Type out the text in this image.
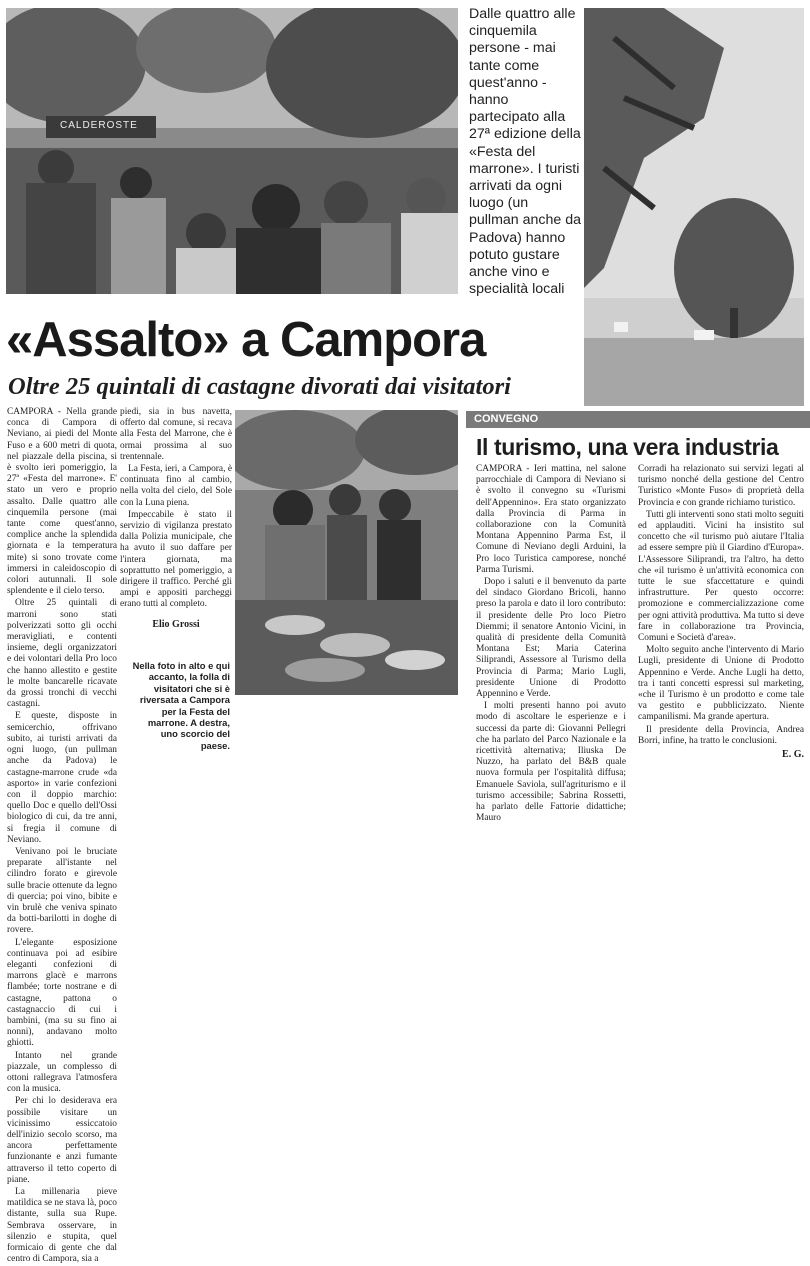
CALDEROSTE
Dalle quattro alle cinquemila persone - mai tante come quest'anno - hanno partecipato alla 27ª edizione della «Festa del marrone». I turisti arrivati da ogni luogo (un pullman anche da Padova) hanno potuto gustare anche vino e specialità locali
«Assalto» a Campora
Oltre 25 quintali di castagne divorati dai visitatori

CAMPORA - Nella grande conca di Campora di Neviano, ai piedi del Monte Fuso e a 600 metri di quota, nel piazzale della piscina, si è svolto ieri pomeriggio, la 27ª «Festa del marrone». E' stato un vero e proprio assalto. Dalle quattro alle cinquemila persone (mai tante come quest'anno, complice anche la splendida giornata e la temperatura mite) si sono trovate come immersi in caleidoscopio di colori autunnali. Il sole splendente e il cielo terso.

Oltre 25 quintali di marroni sono stati polverizzati sotto gli occhi meravigliati, e contenti insieme, degli organizzatori e dei volontari della Pro loco che hanno allestito e gestite le molte bancarelle ricavate da grossi tronchi di vecchi castagni.

E queste, disposte in semicerchio, offrivano subito, ai turisti arrivati da ogni luogo, (un pullman anche da Padova) le castagne-marrone crude «da asporto» in varie confezioni con il doppio marchio: quello Doc e quello dell'Ossi biologico di cui, da tre anni, si fregia il comune di Neviano.

Venivano poi le bruciate preparate all'istante nel cilindro forato e girevole sulle bracie ottenute da legno di quercia; poi vino, bibite e vin brulè che veniva spinato da botti-barilotti in doghe di rovere.

L'elegante esposizione continuava poi ad esibire eleganti confezioni di marrons glacè e marrons flambée; torte nostrane e di castagne, pattona o castagnaccio di cui i bambini, (ma su su fino ai nonni), andavano molto ghiotti.

Intanto nel grande piazzale, un complesso di ottoni rallegrava l'atmosfera con la musica.

Per chi lo desiderava era possibile visitare un vicinissimo essiccatoio dell'inizio secolo scorso, ma ancora perfettamente funzionante e anzi fumante attraverso il tetto coperto di piane.

La millenaria pieve matildica se ne stava là, poco distante, sulla sua Rupe. Sembrava osservare, in silenzio e stupita, quel formicaio di gente che dal centro di Campora, sia a

piedi, sia in bus navetta, offerto dal comune, si recava alla Festa del Marrone, che è ormai prossima al suo trentennale.

La Festa, ieri, a Campora, è continuata fino al cambio, nella volta del cielo, del Sole con la Luna piena.

Impeccabile è stato il servizio di vigilanza prestato dalla Polizia municipale, che ha avuto il suo daffare per l'intera giornata, ma soprattutto nel pomeriggio, a dirigere il traffico. Perché gli ampi e appositi parcheggi erano tutti al completo.

Elio Grossi
Nella foto in alto e qui accanto, la folla di visitatori che si è riversata a Campora per la Festa del marrone. A destra, uno scorcio del paese.
CONVEGNO
Il turismo, una vera industria

CAMPORA - Ieri mattina, nel salone parrocchiale di Campora di Neviano si è svolto il convegno su «Turismi dell'Appennino». Era stato organizzato dalla Provincia di Parma in collaborazione con la Comunità Montana Appennino Parma Est, il Comune di Neviano degli Arduini, la Pro loco Turistica camporese, nonché Parma Turismi.

Dopo i saluti e il benvenuto da parte del sindaco Giordano Bricoli, hanno preso la parola e dato il loro contributo: il presidente delle Pro loco Pietro Diemmi; il senatore Antonio Vicini, in qualità di presidente della Comunità Montana Est; Maria Caterina Siliprandi, Assessore al Turismo della Provincia di Parma; Mario Lugli, presidente Unione di Prodotto Appennino e Verde.

I molti presenti hanno poi avuto modo di ascoltare le esperienze e i successi da parte di: Giovanni Pellegri che ha parlato del Parco Nazionale e la ricettività alternativa; Iliuska De Nuzzo, ha parlato del B&B quale nuova formula per l'ospitalità diffusa; Emanuele Saviola, sull'agriturismo e il turismo accessibile; Sabrina Rossetti, ha parlato delle Fattorie didattiche; Mauro

Corradi ha relazionato sui servizi legati al turismo nonché della gestione del Centro Turistico «Monte Fuso» di proprietà della Provincia e con grande richiamo turistico.

Tutti gli interventi sono stati molto seguiti ed applauditi. Vicini ha insistito sul concetto che «il turismo può aiutare l'Italia ad essere sempre più il Giardino d'Europa». L'Assessore Siliprandi, tra l'altro, ha detto che «il turismo è un'attività economica con tutte le sue sfaccettature e quindi infrastrutture. Per questo occorre: promozione e commercializzazione come per ogni attività produttiva. Ma tutto si deve fare in collaborazione tra Provincia, Comuni e Società d'area».

Molto seguito anche l'intervento di Mario Lugli, presidente di Unione di Prodotto Appennino e Verde. Anche Lugli ha detto, tra i tanti concetti espressi sul marketing, «che il Turismo è un prodotto e come tale va gestito e pubblicizzato. Niente campanilismi. Ma grande apertura.

Il presidente della Provincia, Andrea Borri, infine, ha tratto le conclusioni.

E. G.
